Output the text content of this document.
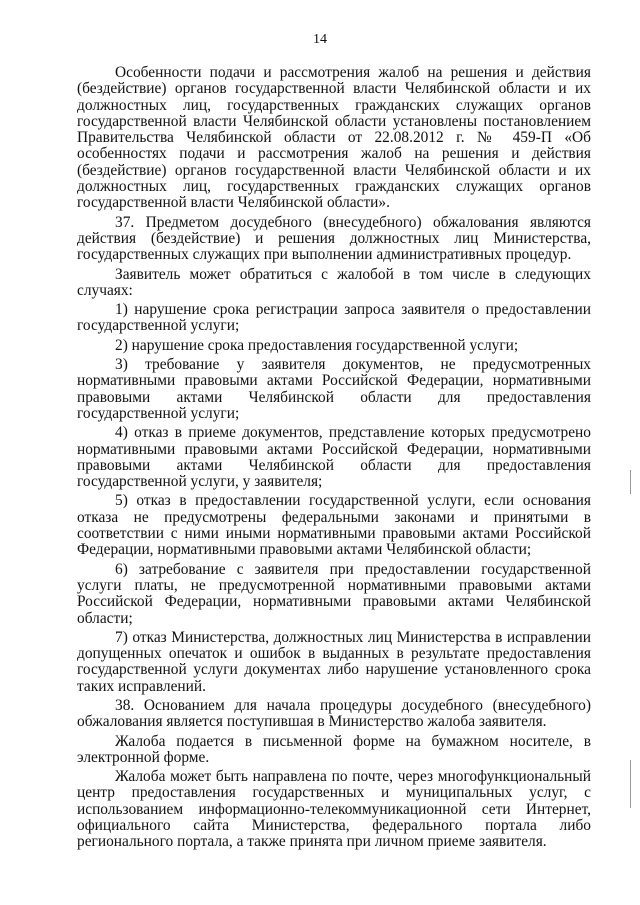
14

Особенности подачи и рассмотрения жалоб на решения и действия (бездействие) органов государственной власти Челябинской области и их должностных лиц, государственных гражданских служащих органов государственной власти Челябинской области установлены постановлением Правительства Челябинской области от 22.08.2012 г. № 459-П «Об особенностях подачи и рассмотрения жалоб на решения и действия (бездействие) органов государственной власти Челябинской области и их должностных лиц, государственных гражданских служащих органов государственной власти Челябинской области».

37. Предметом досудебного (внесудебного) обжалования являются действия (бездействие) и решения должностных лиц Министерства, государственных служащих при выполнении административных процедур.

Заявитель может обратиться с жалобой в том числе в следующих случаях:

1) нарушение срока регистрации запроса заявителя о предоставлении государственной услуги;

2) нарушение срока предоставления государственной услуги;

3) требование у заявителя документов, не предусмотренных нормативными правовыми актами Российской Федерации, нормативными правовыми актами Челябинской области для предоставления государственной услуги;

4) отказ в приеме документов, представление которых предусмотрено нормативными правовыми актами Российской Федерации, нормативными правовыми актами Челябинской области для предоставления государственной услуги, у заявителя;

5) отказ в предоставлении государственной услуги, если основания отказа не предусмотрены федеральными законами и принятыми в соответствии с ними иными нормативными правовыми актами Российской Федерации, нормативными правовыми актами Челябинской области;

6) затребование с заявителя при предоставлении государственной услуги платы, не предусмотренной нормативными правовыми актами Российской Федерации, нормативными правовыми актами Челябинской области;

7) отказ Министерства, должностных лиц Министерства в исправлении допущенных опечаток и ошибок в выданных в результате предоставления государственной услуги документах либо нарушение установленного срока таких исправлений.

38. Основанием для начала процедуры досудебного (внесудебного) обжалования является поступившая в Министерство жалоба заявителя.

Жалоба подается в письменной форме на бумажном носителе, в электронной форме.

Жалоба может быть направлена по почте, через многофункциональный центр предоставления государственных и муниципальных услуг, с использованием информационно-телекоммуникационной сети Интернет, официального сайта Министерства, федерального портала либо регионального портала, а также принята при личном приеме заявителя.
